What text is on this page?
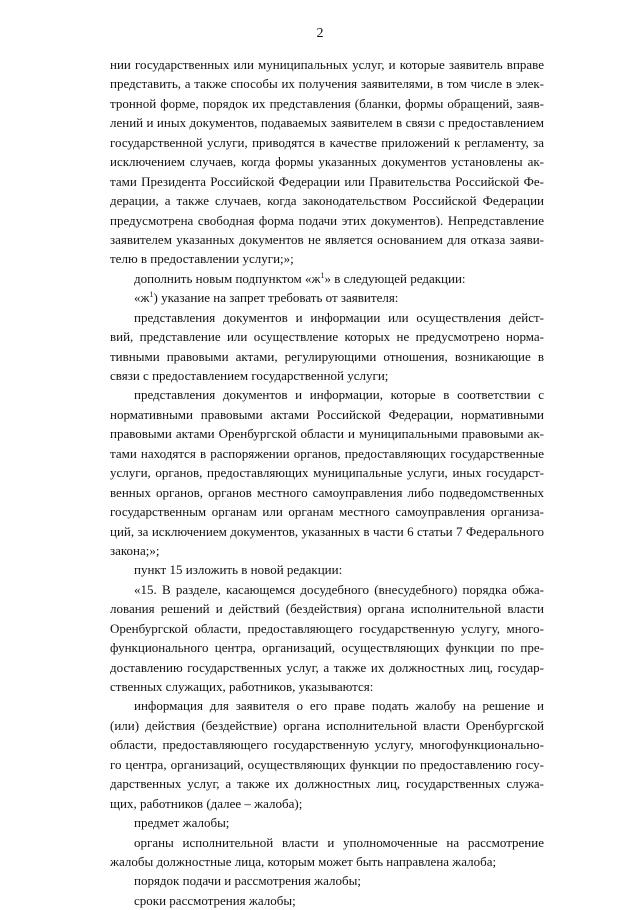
2
нии государственных или муниципальных услуг, и которые заявитель вправе
представить, а также способы их получения заявителями, в том числе в элек-
тронной форме, порядок их представления (бланки, формы обращений, заяв-
лений и иных документов, подаваемых заявителем в связи с предоставлением
государственной услуги, приводятся в качестве приложений к регламенту, за
исключением случаев, когда формы указанных документов установлены ак-
тами Президента Российской Федерации или Правительства Российской Фе-
дерации, а также случаев, когда законодательством Российской Федерации
предусмотрена свободная форма подачи этих документов). Непредставление
заявителем указанных документов не является основанием для отказа заяви-
телю в предоставлении услуги;»;
дополнить новым подпунктом «$ж^1$» в следующей редакции:
«$ж^1$) указание на запрет требовать от заявителя:
представления документов и информации или осуществления дейст-
вий, представление или осуществление которых не предусмотрено норма-
тивными правовыми актами, регулирующими отношения, возникающие в
связи с предоставлением государственной услуги;
представления документов и информации, которые в соответствии с
нормативными правовыми актами Российской Федерации, нормативными
правовыми актами Оренбургской области и муниципальными правовыми ак-
тами находятся в распоряжении органов, предоставляющих государственные
услуги, органов, предоставляющих муниципальные услуги, иных государст-
венных органов, органов местного самоуправления либо подведомственных
государственным органам или органам местного самоуправления организа-
ций, за исключением документов, указанных в части 6 статьи 7 Федерального
закона;»;
пункт 15 изложить в новой редакции:
«15. В разделе, касающемся досудебного (внесудебного) порядка обжа-
лования решений и действий (бездействия) органа исполнительной власти
Оренбургской области, предоставляющего государственную услугу, много-
функционального центра, организаций, осуществляющих функции по пре-
доставлению государственных услуг, а также их должностных лиц, государ-
ственных служащих, работников, указываются:
информация для заявителя о его праве подать жалобу на решение и
(или) действия (бездействие) органа исполнительной власти Оренбургской
области, предоставляющего государственную услугу, многофункционально-
го центра, организаций, осуществляющих функции по предоставлению госу-
дарственных услуг, а также их должностных лиц, государственных служа-
щих, работников (далее – жалоба);
предмет жалобы;
органы исполнительной власти и уполномоченные на рассмотрение
жалобы должностные лица, которым может быть направлена жалоба;
порядок подачи и рассмотрения жалобы;
сроки рассмотрения жалобы;
